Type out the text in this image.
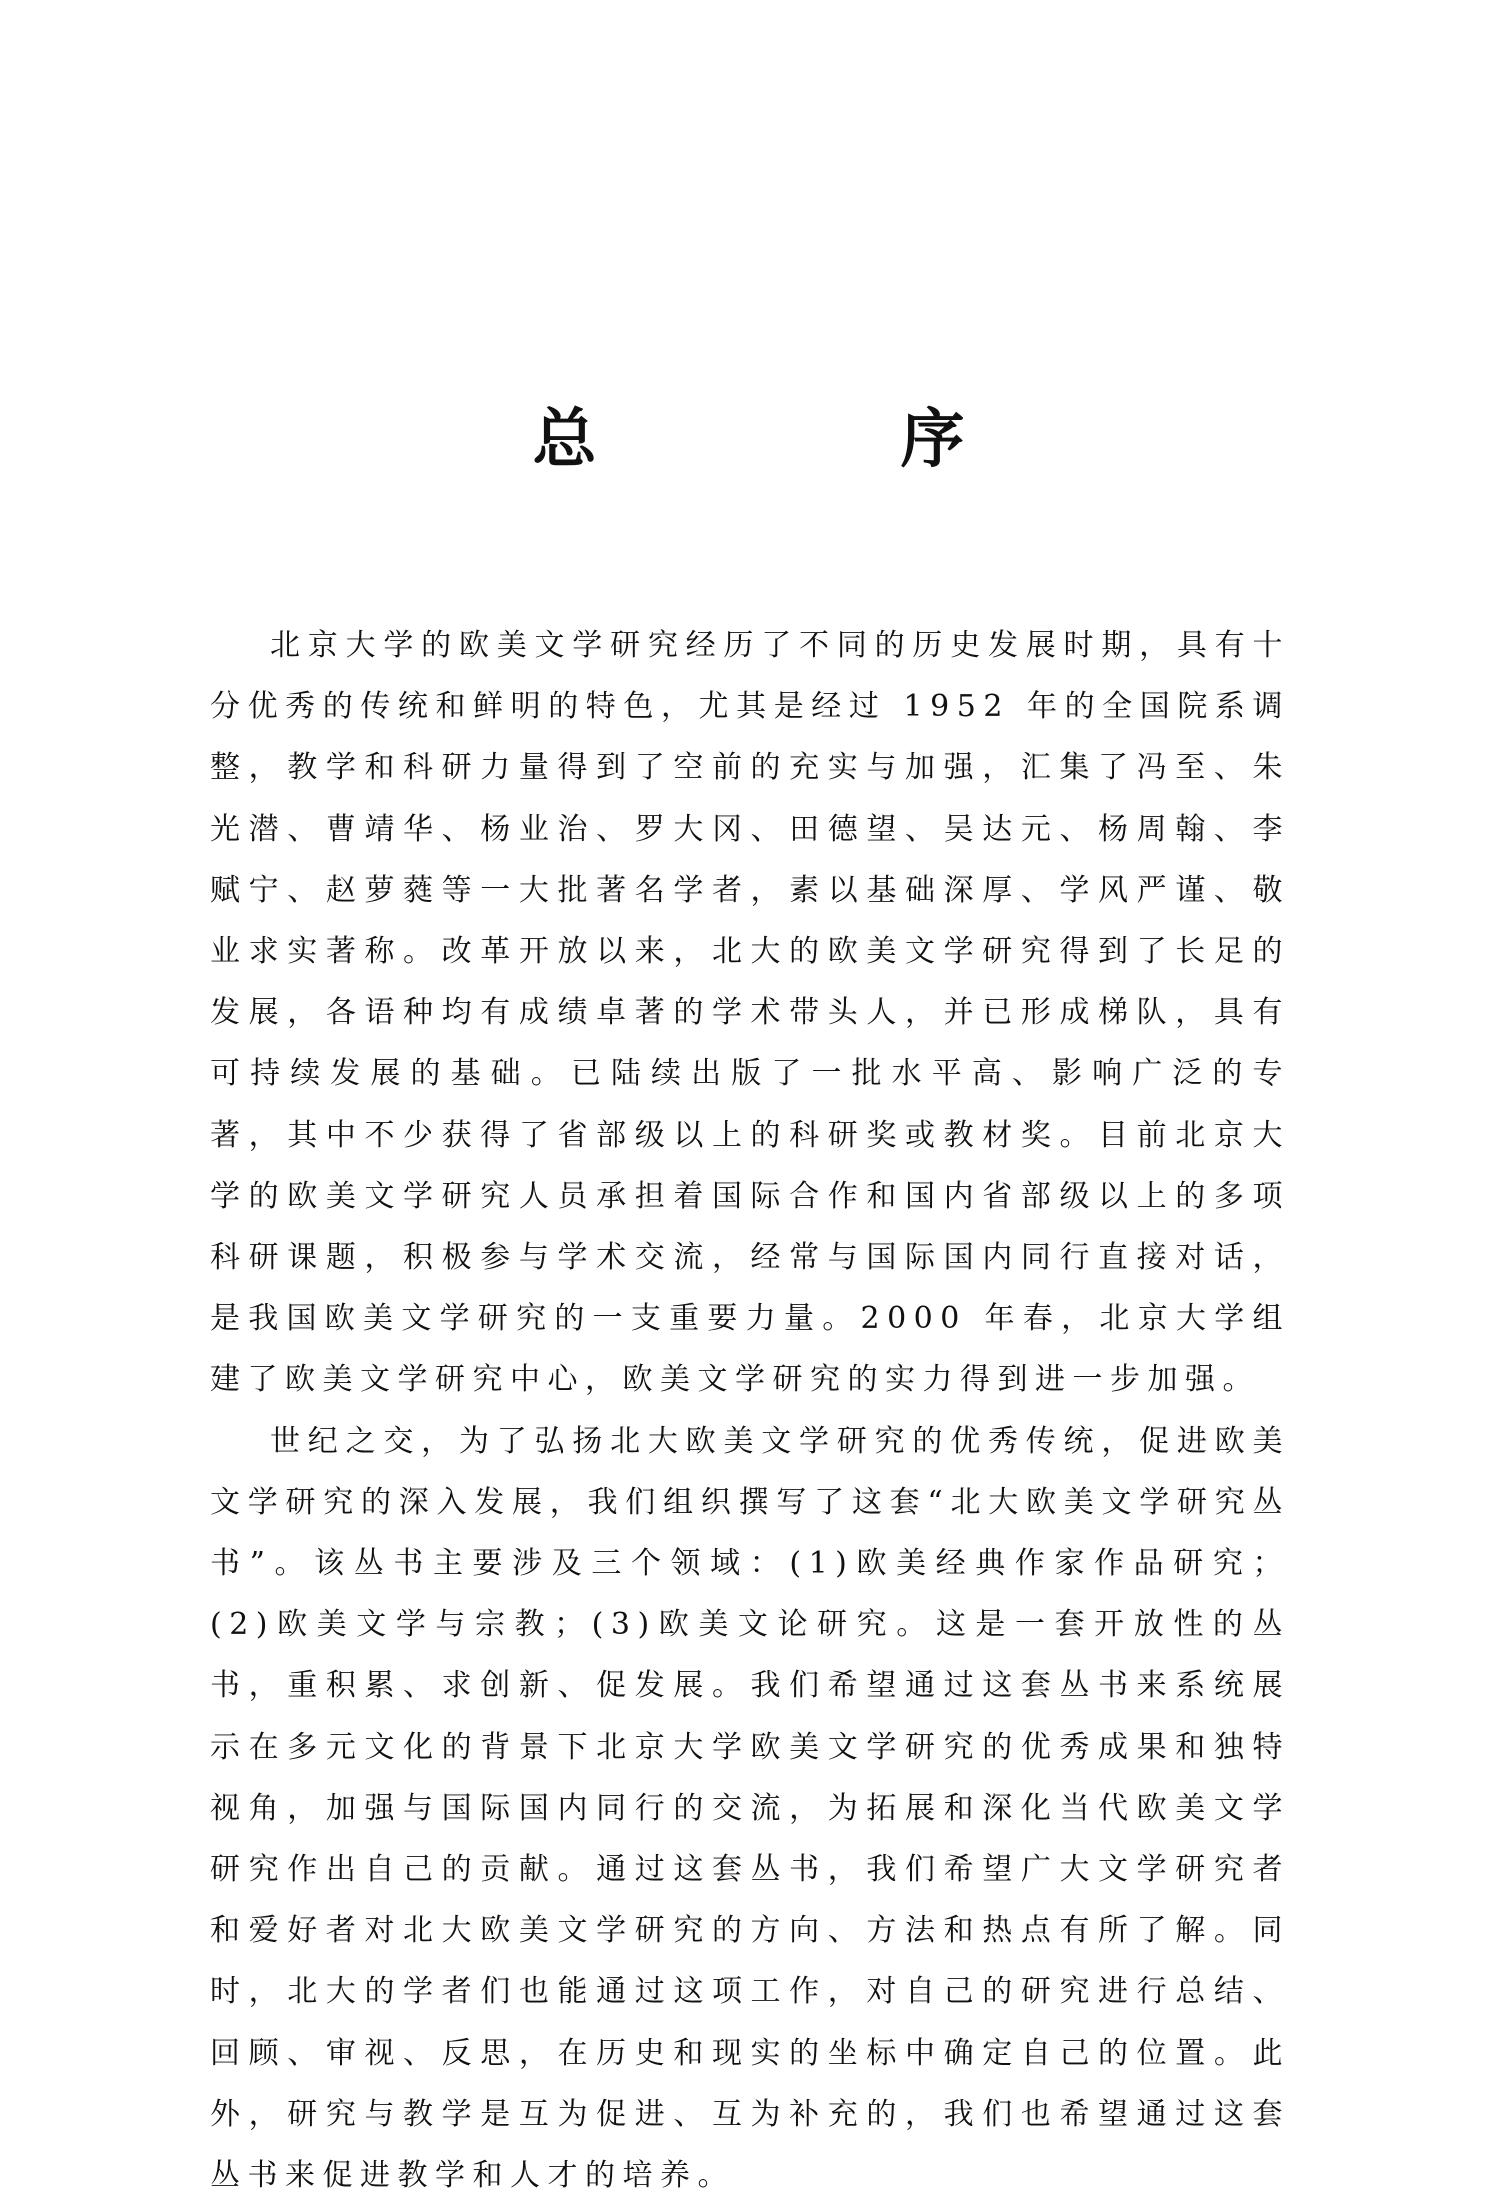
总　序

北京大学的欧美文学研究经历了不同的历史发展时期，具有十分优秀的传统和鲜明的特色，尤其是经过 1952 年的全国院系调整，教学和科研力量得到了空前的充实与加强，汇集了冯至、朱光潜、曹靖华、杨业治、罗大冈、田德望、吴达元、杨周翰、李赋宁、赵萝蕤等一大批著名学者，素以基础深厚、学风严谨、敬业求实著称。改革开放以来，北大的欧美文学研究得到了长足的发展，各语种均有成绩卓著的学术带头人，并已形成梯队，具有可持续发展的基础。已陆续出版了一批水平高、影响广泛的专著，其中不少获得了省部级以上的科研奖或教材奖。目前北京大学的欧美文学研究人员承担着国际合作和国内省部级以上的多项科研课题，积极参与学术交流，经常与国际国内同行直接对话，是我国欧美文学研究的一支重要力量。2000 年春，北京大学组建了欧美文学研究中心，欧美文学研究的实力得到进一步加强。

世纪之交，为了弘扬北大欧美文学研究的优秀传统，促进欧美文学研究的深入发展，我们组织撰写了这套“北大欧美文学研究丛书”。该丛书主要涉及三个领域：(1)欧美经典作家作品研究；(2)欧美文学与宗教；(3)欧美文论研究。这是一套开放性的丛书，重积累、求创新、促发展。我们希望通过这套丛书来系统展示在多元文化的背景下北京大学欧美文学研究的优秀成果和独特视角，加强与国际国内同行的交流，为拓展和深化当代欧美文学研究作出自己的贡献。通过这套丛书，我们希望广大文学研究者和爱好者对北大欧美文学研究的方向、方法和热点有所了解。同时，北大的学者们也能通过这项工作，对自己的研究进行总结、回顾、审视、反思，在历史和现实的坐标中确定自己的位置。此外，研究与教学是互为促进、互为补充的，我们也希望通过这套丛书来促进教学和人才的培养。
